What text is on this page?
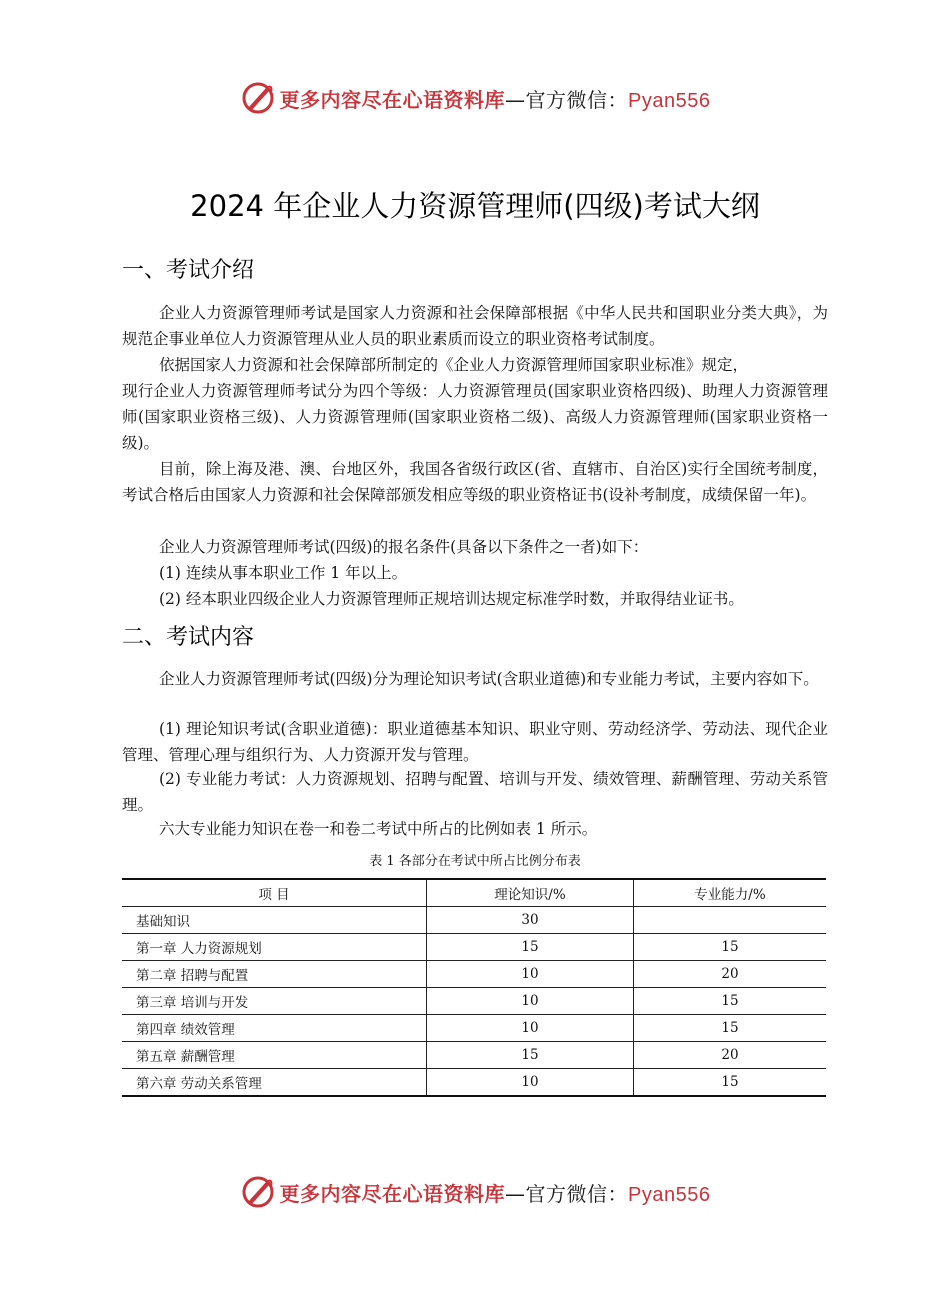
更多内容尽在心语资料库—官方微信：Pyan556
2024 年企业人力资源管理师(四级)考试大纲
一、考试介绍
企业人力资源管理师考试是国家人力资源和社会保障部根据《中华人民共和国职业分类大典》，为规范企事业单位人力资源管理从业人员的职业素质而设立的职业资格考试制度。
依据国家人力资源和社会保障部所制定的《企业人力资源管理师国家职业标准》规定，
现行企业人力资源管理师考试分为四个等级：人力资源管理员(国家职业资格四级)、助理人力资源管理师(国家职业资格三级)、人力资源管理师(国家职业资格二级)、高级人力资源管理师(国家职业资格一级)。
目前，除上海及港、澳、台地区外，我国各省级行政区(省、直辖市、自治区)实行全国统考制度，考试合格后由国家人力资源和社会保障部颁发相应等级的职业资格证书(设补考制度，成绩保留一年)。
企业人力资源管理师考试(四级)的报名条件(具备以下条件之一者)如下：
(1) 连续从事本职业工作 1 年以上。
(2) 经本职业四级企业人力资源管理师正规培训达规定标准学时数，并取得结业证书。
二、考试内容
企业人力资源管理师考试(四级)分为理论知识考试(含职业道德)和专业能力考试，主要内容如下。
(1) 理论知识考试(含职业道德)：职业道德基本知识、职业守则、劳动经济学、劳动法、现代企业管理、管理心理与组织行为、人力资源开发与管理。
(2) 专业能力考试：人力资源规划、招聘与配置、培训与开发、绩效管理、薪酬管理、劳动关系管理。
六大专业能力知识在卷一和卷二考试中所占的比例如表 1 所示。
表 1 各部分在考试中所占比例分布表
项 目	理论知识/%	专业能力/%
基础知识	30	
第一章 人力资源规划	15	15
第二章 招聘与配置	10	20
第三章 培训与开发	10	15
第四章 绩效管理	10	15
第五章 薪酬管理	15	20
第六章 劳动关系管理	10	15
更多内容尽在心语资料库—官方微信：Pyan556
